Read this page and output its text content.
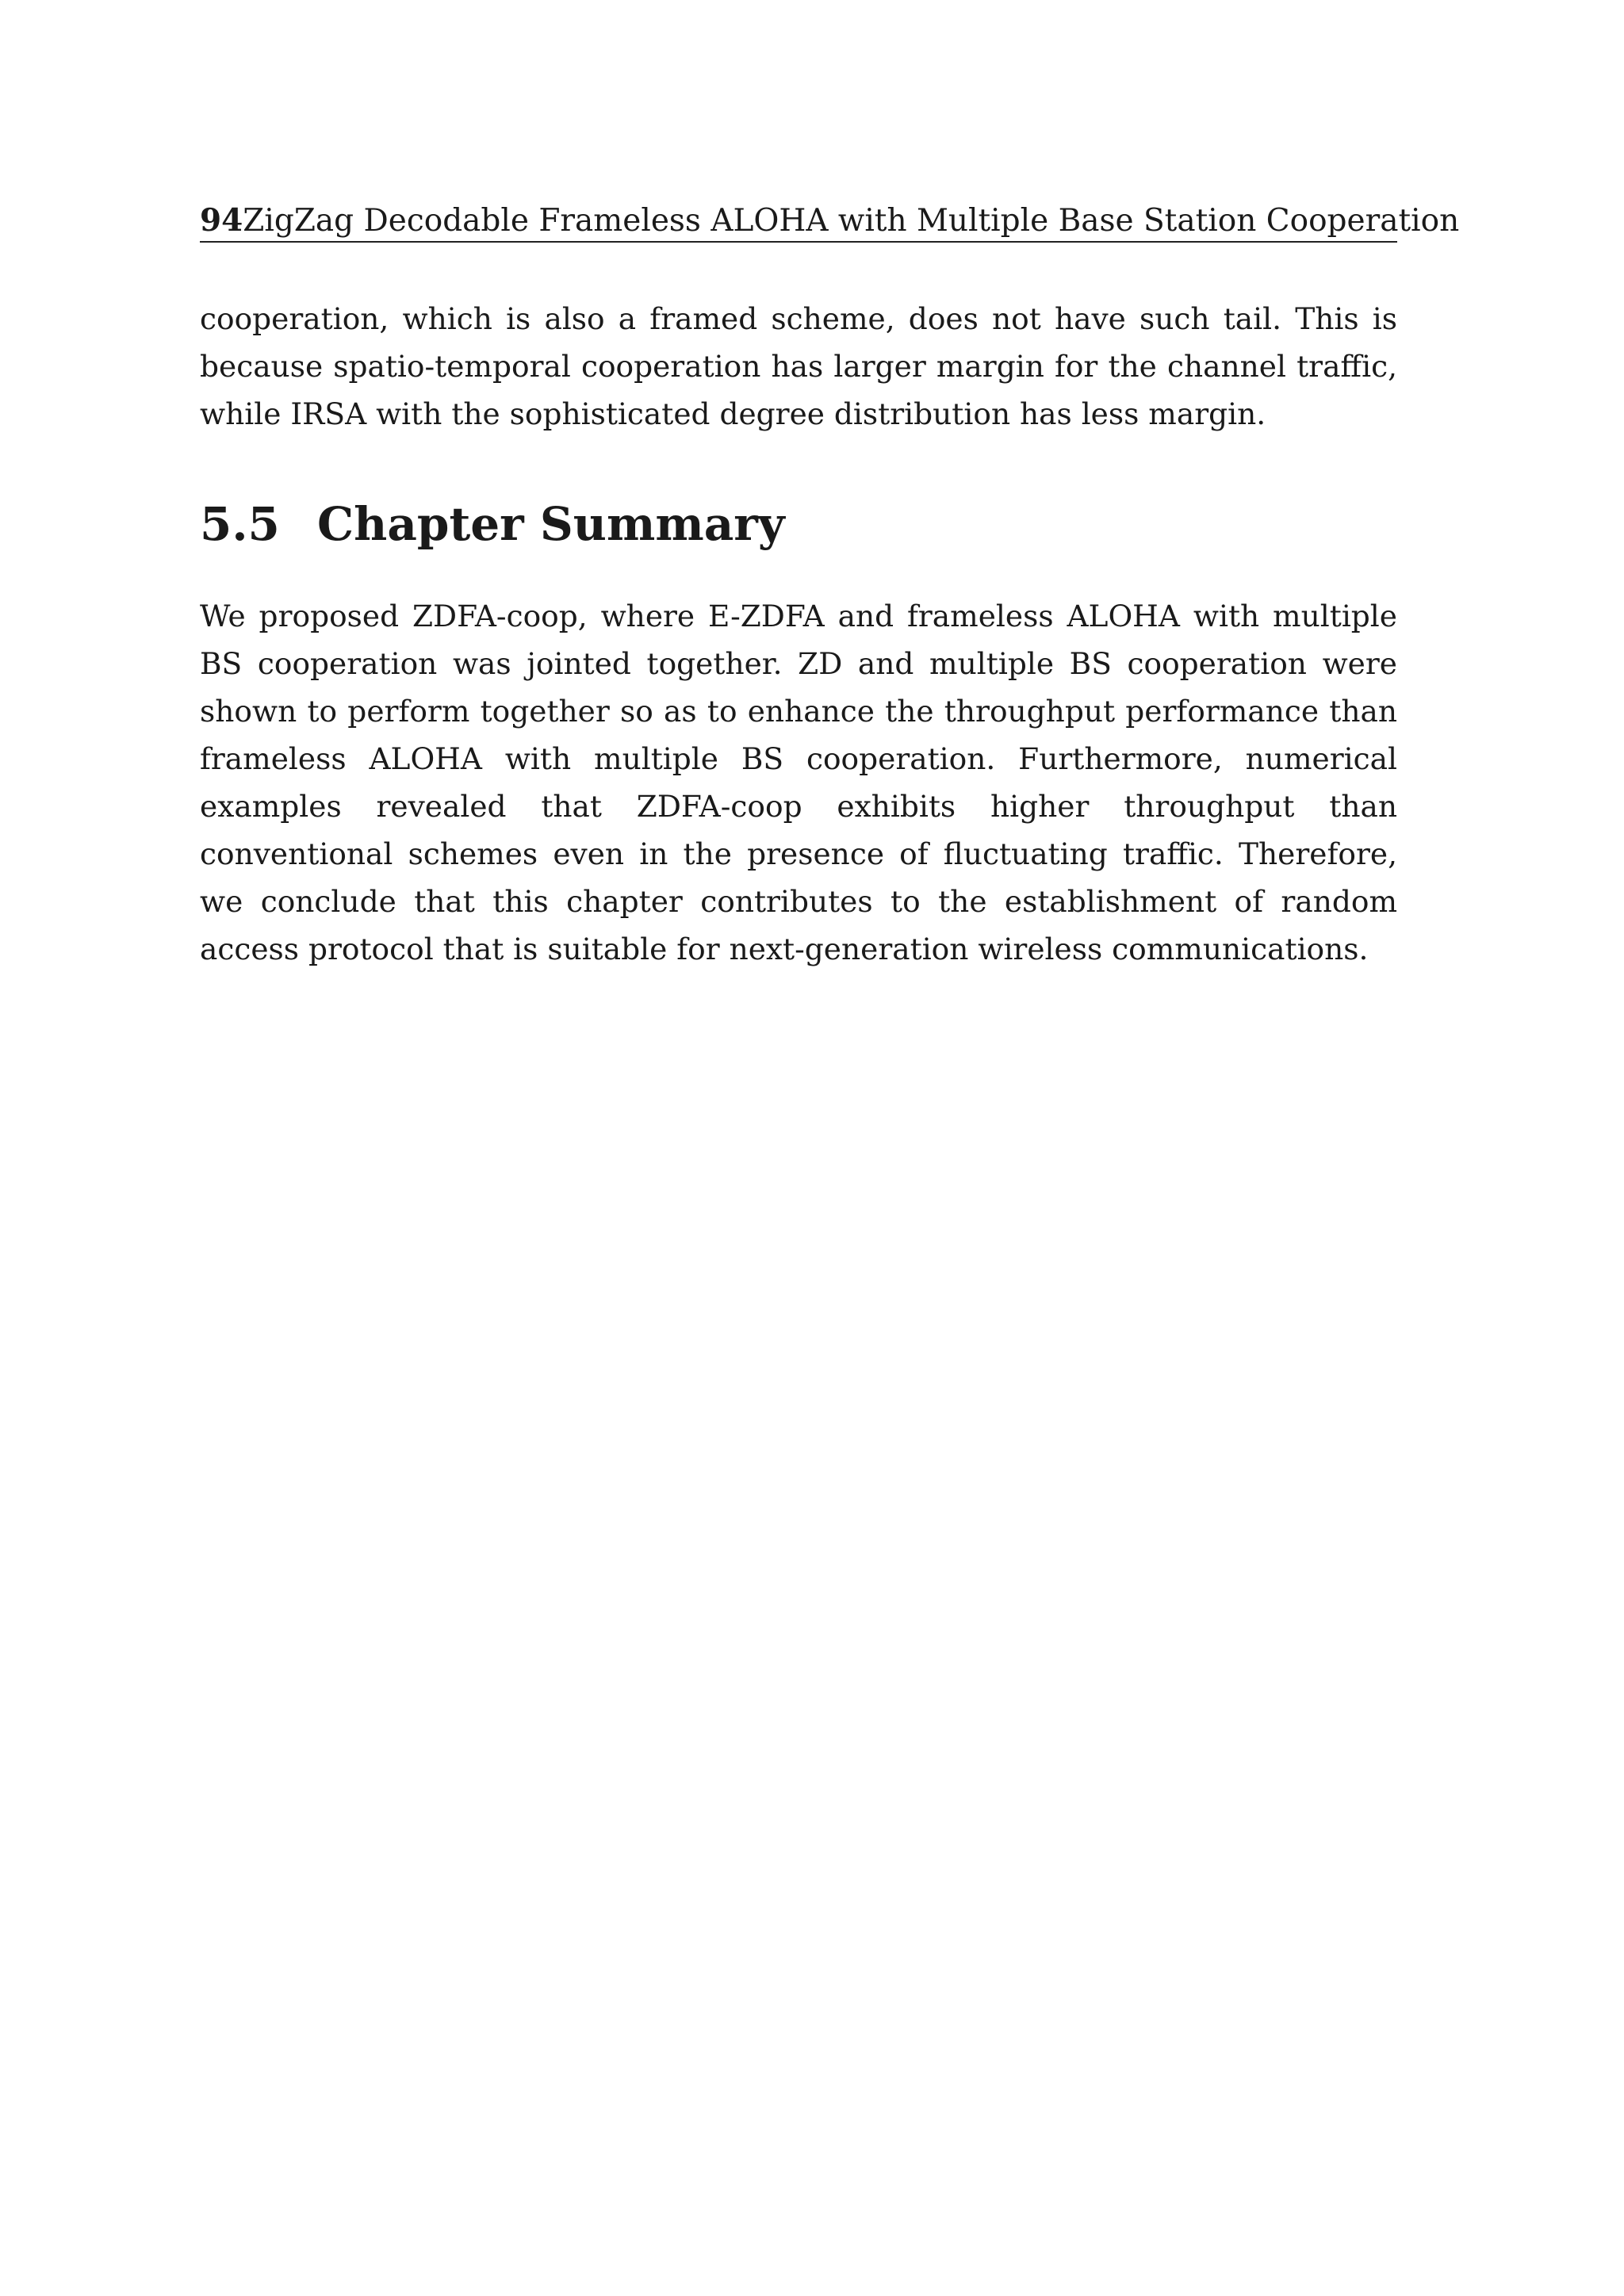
94 ZigZag Decodable Frameless ALOHA with Multiple Base Station Cooperation

cooperation, which is also a framed scheme, does not have such tail. This is because spatio-temporal cooperation has larger margin for the channel traffic, while IRSA with the sophisticated degree distribution has less margin.

5.5 Chapter Summary

We proposed ZDFA-coop, where E-ZDFA and frameless ALOHA with multiple BS cooperation was jointed together. ZD and multiple BS cooperation were shown to perform together so as to enhance the throughput performance than frameless ALOHA with multiple BS cooperation. Furthermore, numerical examples revealed that ZDFA-coop exhibits higher throughput than conventional schemes even in the presence of fluctuating traffic. Therefore, we conclude that this chapter contributes to the establishment of random access protocol that is suitable for next-generation wireless communications.
